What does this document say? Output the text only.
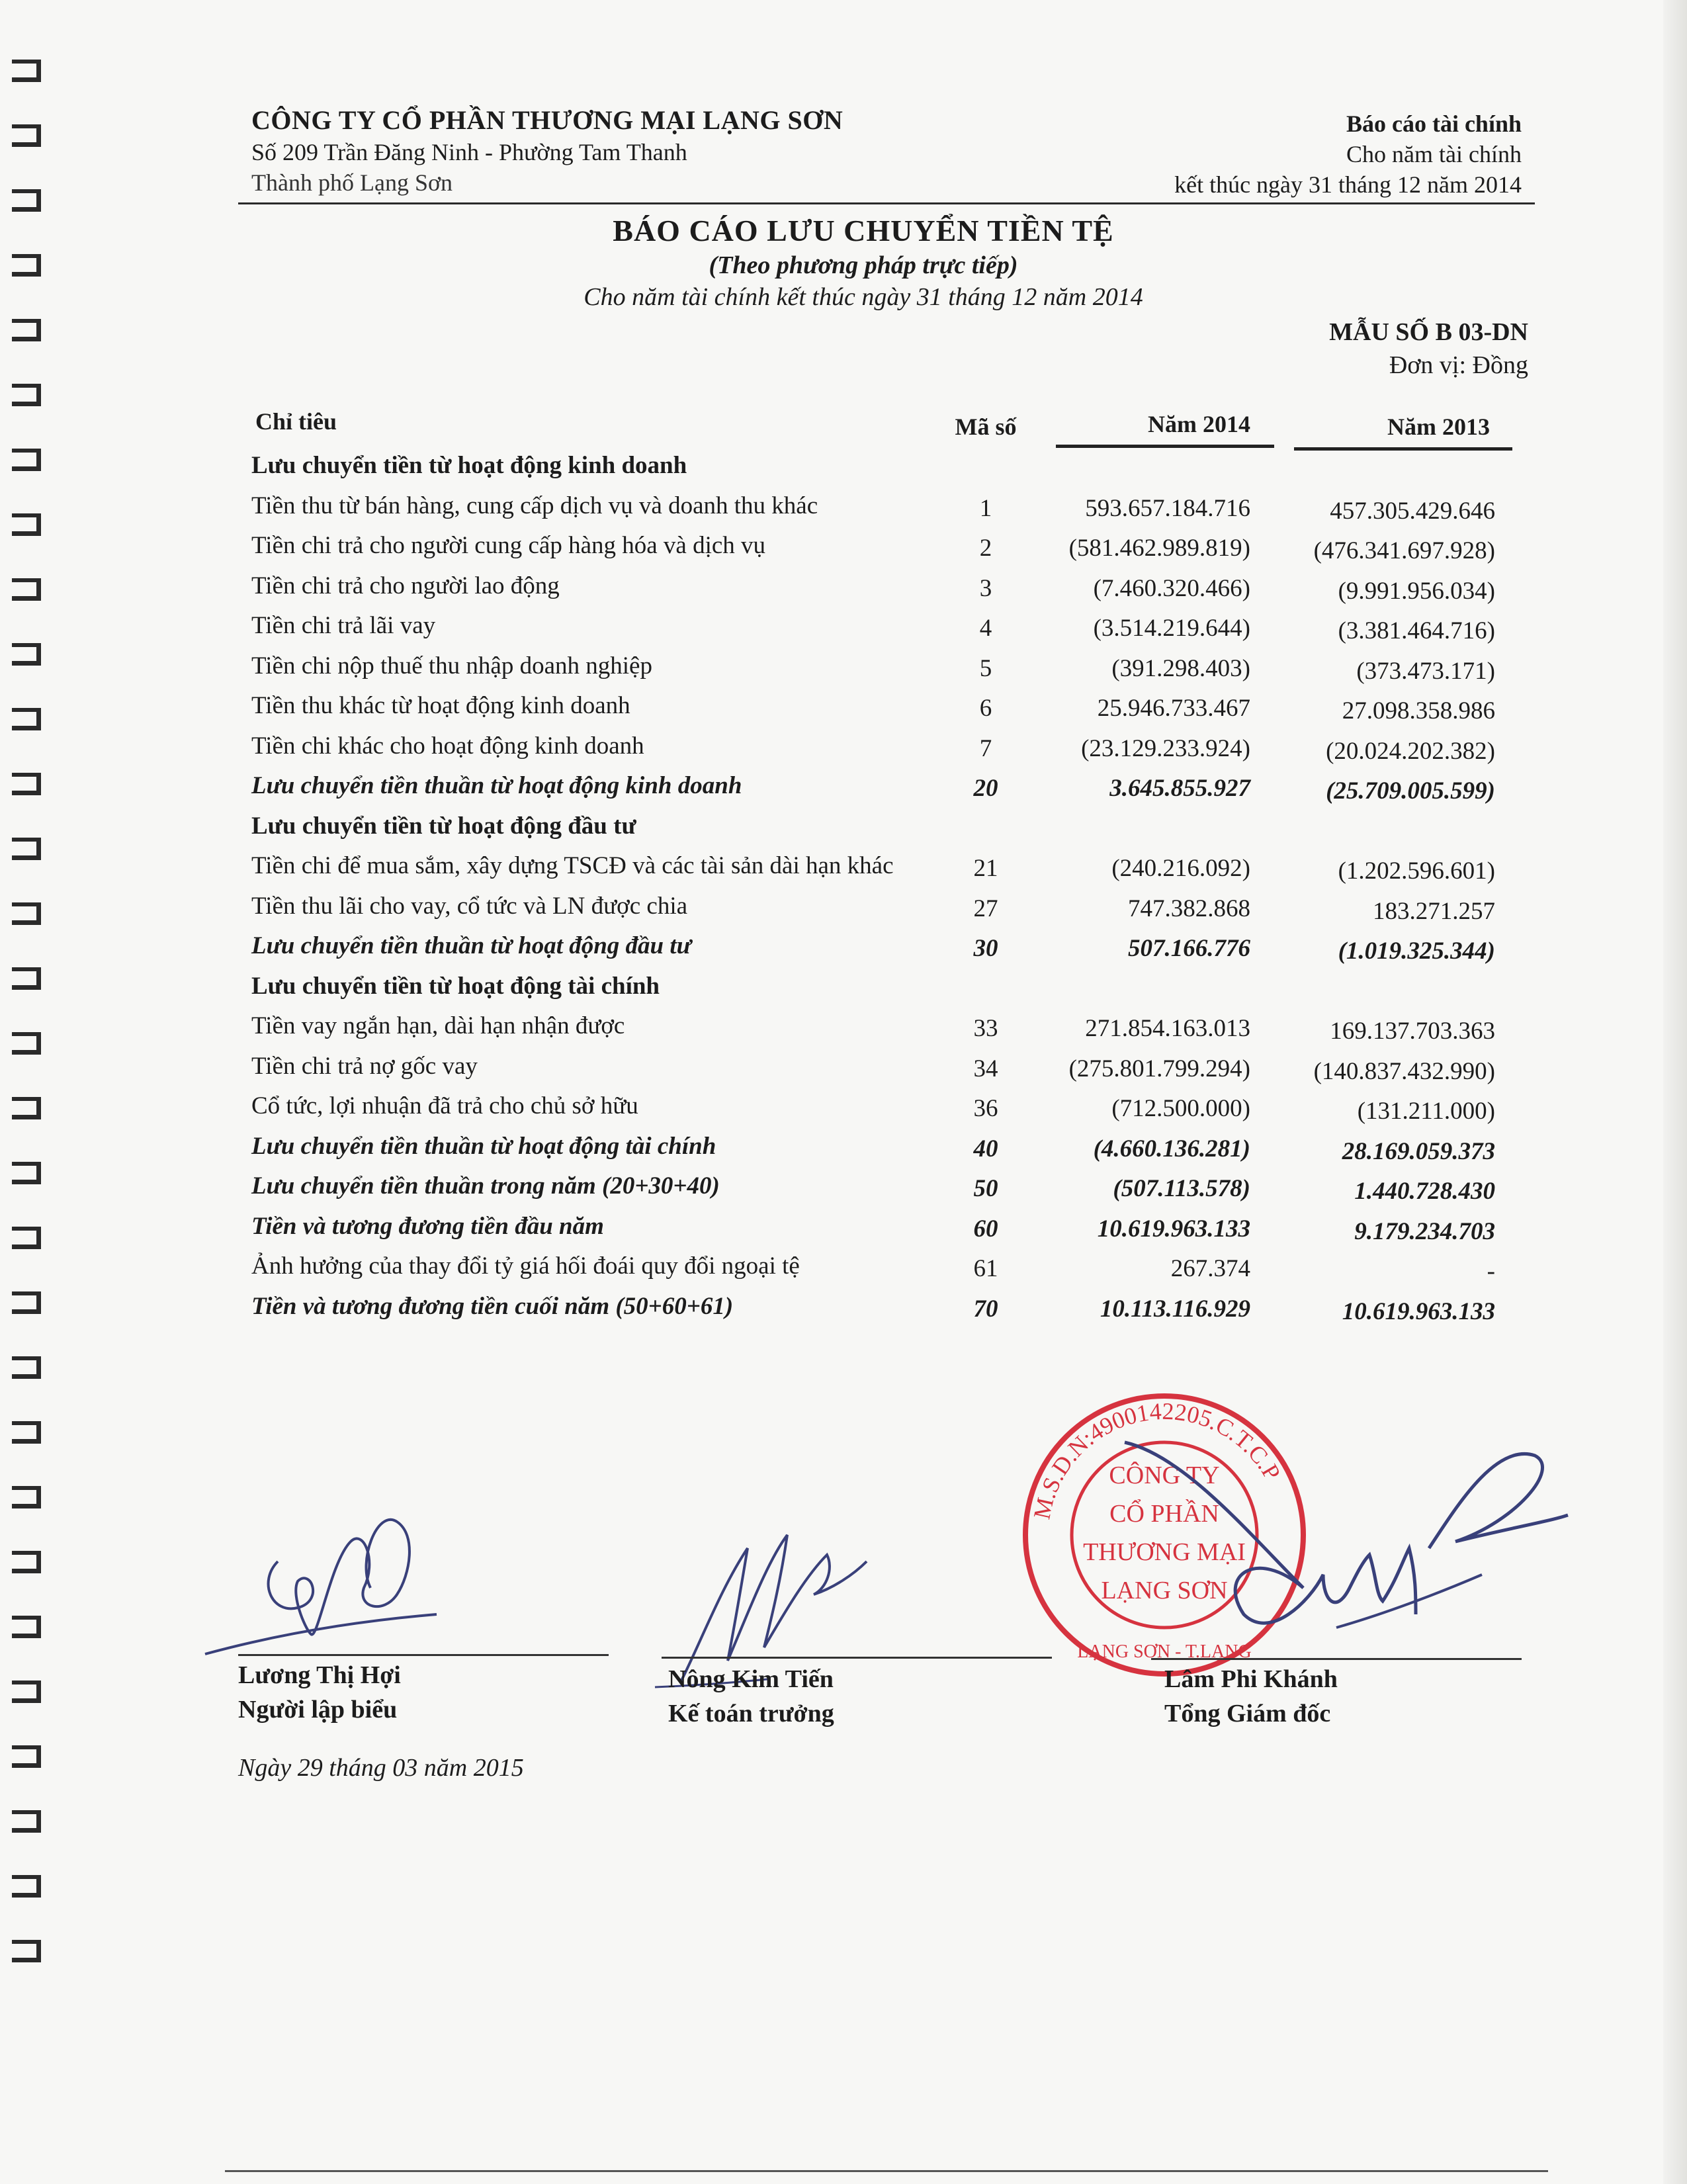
CÔNG TY CỔ PHẦN THƯƠNG MẠI LẠNG SƠN
Số 209 Trần Đăng Ninh - Phường Tam Thanh
Thành phố Lạng Sơn
Báo cáo tài chính
Cho năm tài chính
kết thúc ngày 31 tháng 12 năm 2014
BÁO CÁO LƯU CHUYỂN TIỀN TỆ
(Theo phương pháp trực tiếp)
Cho năm tài chính kết thúc ngày 31 tháng 12 năm 2014
MẪU SỐ B 03-DN
Đơn vị: Đồng
Chỉ tiêu	Mã số	Năm 2014	Năm 2013
Lưu chuyển tiền từ hoạt động kinh doanh
Tiền thu từ bán hàng, cung cấp dịch vụ và doanh thu khác	1	593.657.184.716	457.305.429.646
Tiền chi trả cho người cung cấp hàng hóa và dịch vụ	2	(581.462.989.819)	(476.341.697.928)
Tiền chi trả cho người lao động	3	(7.460.320.466)	(9.991.956.034)
Tiền chi trả lãi vay	4	(3.514.219.644)	(3.381.464.716)
Tiền chi nộp thuế thu nhập doanh nghiệp	5	(391.298.403)	(373.473.171)
Tiền thu khác từ hoạt động kinh doanh	6	25.946.733.467	27.098.358.986
Tiền chi khác cho hoạt động kinh doanh	7	(23.129.233.924)	(20.024.202.382)
Lưu chuyển tiền thuần từ hoạt động kinh doanh	20	3.645.855.927	(25.709.005.599)
Lưu chuyển tiền từ hoạt động đầu tư
Tiền chi để mua sắm, xây dựng TSCĐ và các tài sản dài hạn khác	21	(240.216.092)	(1.202.596.601)
Tiền thu lãi cho vay, cổ tức và LN được chia	27	747.382.868	183.271.257
Lưu chuyển tiền thuần từ hoạt động đầu tư	30	507.166.776	(1.019.325.344)
Lưu chuyển tiền từ hoạt động tài chính
Tiền vay ngắn hạn, dài hạn nhận được	33	271.854.163.013	169.137.703.363
Tiền chi trả nợ gốc vay	34	(275.801.799.294)	(140.837.432.990)
Cổ tức, lợi nhuận đã trả cho chủ sở hữu	36	(712.500.000)	(131.211.000)
Lưu chuyển tiền thuần từ hoạt động tài chính	40	(4.660.136.281)	28.169.059.373
Lưu chuyển tiền thuần trong năm (20+30+40)	50	(507.113.578)	1.440.728.430
Tiền và tương đương tiền đầu năm	60	10.619.963.133	9.179.234.703
Ảnh hưởng của thay đổi tỷ giá hối đoái quy đổi ngoại tệ	61	267.374	-
Tiền và tương đương tiền cuối năm (50+60+61)	70	10.113.116.929	10.619.963.133
M.S.D.N:4900142205.C.T.C.P
CÔNG TY
CỔ PHẦN
THƯƠNG MẠI
LẠNG SƠN
LẠNG SƠN - T.LẠNG
Lương Thị Hợi
Người lập biểu
Nông Kim Tiến
Kế toán trưởng
Lâm Phi Khánh
Tổng Giám đốc
Ngày 29 tháng 03 năm 2015
